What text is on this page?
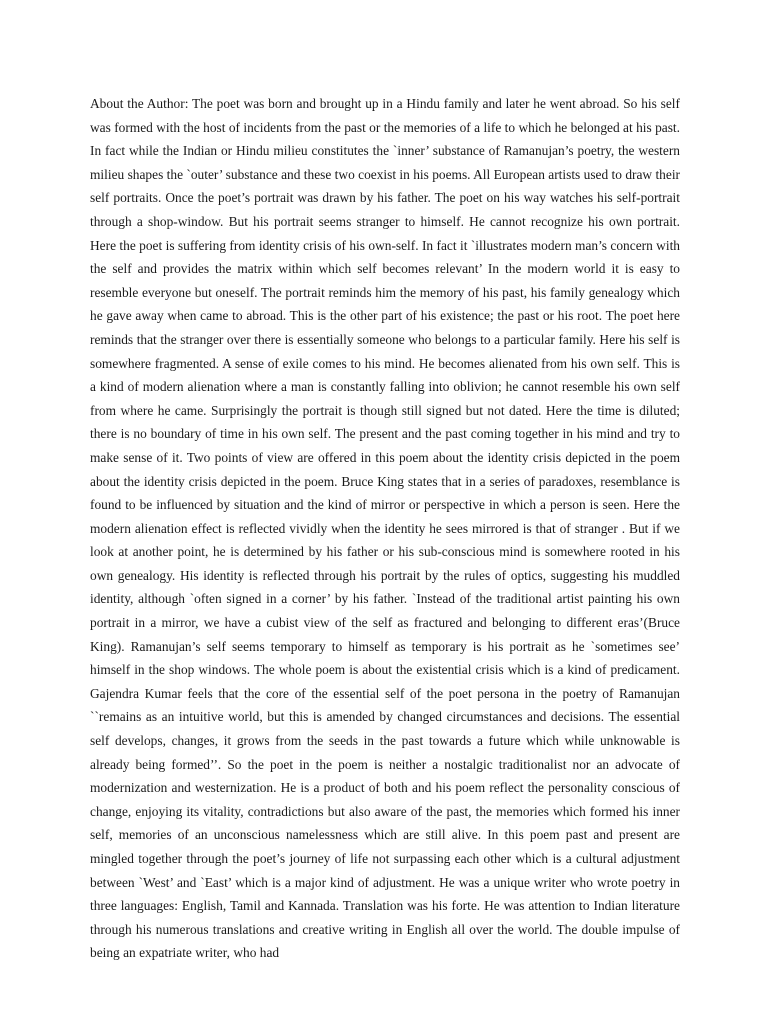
About the Author: The poet was born and brought up in a Hindu family and later he went abroad. So his self was formed with the host of incidents from the past or the memories of a life to which he belonged at his past. In fact while the Indian or Hindu milieu constitutes the `inner’ substance of Ramanujan’s poetry, the western milieu shapes the `outer’ substance and these two coexist in his poems. All European artists used to draw their self portraits. Once the poet’s portrait was drawn by his father. The poet on his way watches his self-portrait through a shop-window. But his portrait seems stranger to himself. He cannot recognize his own portrait. Here the poet is suffering from identity crisis of his own-self. In fact it `illustrates modern man’s concern with the self and provides the matrix within which self becomes relevant’ In the modern world it is easy to resemble everyone but oneself. The portrait reminds him the memory of his past, his family genealogy which he gave away when came to abroad. This is the other part of his existence; the past or his root. The poet here reminds that the stranger over there is essentially someone who belongs to a particular family. Here his self is somewhere fragmented. A sense of exile comes to his mind. He becomes alienated from his own self. This is a kind of modern alienation where a man is constantly falling into oblivion; he cannot resemble his own self from where he came. Surprisingly the portrait is though still signed but not dated. Here the time is diluted; there is no boundary of time in his own self. The present and the past coming together in his mind and try to make sense of it. Two points of view are offered in this poem about the identity crisis depicted in the poem about the identity crisis depicted in the poem. Bruce King states that in a series of paradoxes, resemblance is found to be influenced by situation and the kind of mirror or perspective in which a person is seen. Here the modern alienation effect is reflected vividly when the identity he sees mirrored is that of stranger . But if we look at another point, he is determined by his father or his sub-conscious mind is somewhere rooted in his own genealogy. His identity is reflected through his portrait by the rules of optics, suggesting his muddled identity, although `often signed in a corner’ by his father. `Instead of the traditional artist painting his own portrait in a mirror, we have a cubist view of the self as fractured and belonging to different eras’(Bruce King). Ramanujan’s self seems temporary to himself as temporary is his portrait as he `sometimes see’ himself in the shop windows. The whole poem is about the existential crisis which is a kind of predicament. Gajendra Kumar feels that the core of the essential self of the poet persona in the poetry of Ramanujan ``remains as an intuitive world, but this is amended by changed circumstances and decisions. The essential self develops, changes, it grows from the seeds in the past towards a future which while unknowable is already being formed’’. So the poet in the poem is neither a nostalgic traditionalist nor an advocate of modernization and westernization. He is a product of both and his poem reflect the personality conscious of change, enjoying its vitality, contradictions but also aware of the past, the memories which formed his inner self, memories of an unconscious namelessness which are still alive. In this poem past and present are mingled together through the poet’s journey of life not surpassing each other which is a cultural adjustment between `West’ and `East’ which is a major kind of adjustment. He was a unique writer who wrote poetry in three languages: English, Tamil and Kannada. Translation was his forte. He was attention to Indian literature through his numerous translations and creative writing in English all over the world. The double impulse of being an expatriate writer, who had
